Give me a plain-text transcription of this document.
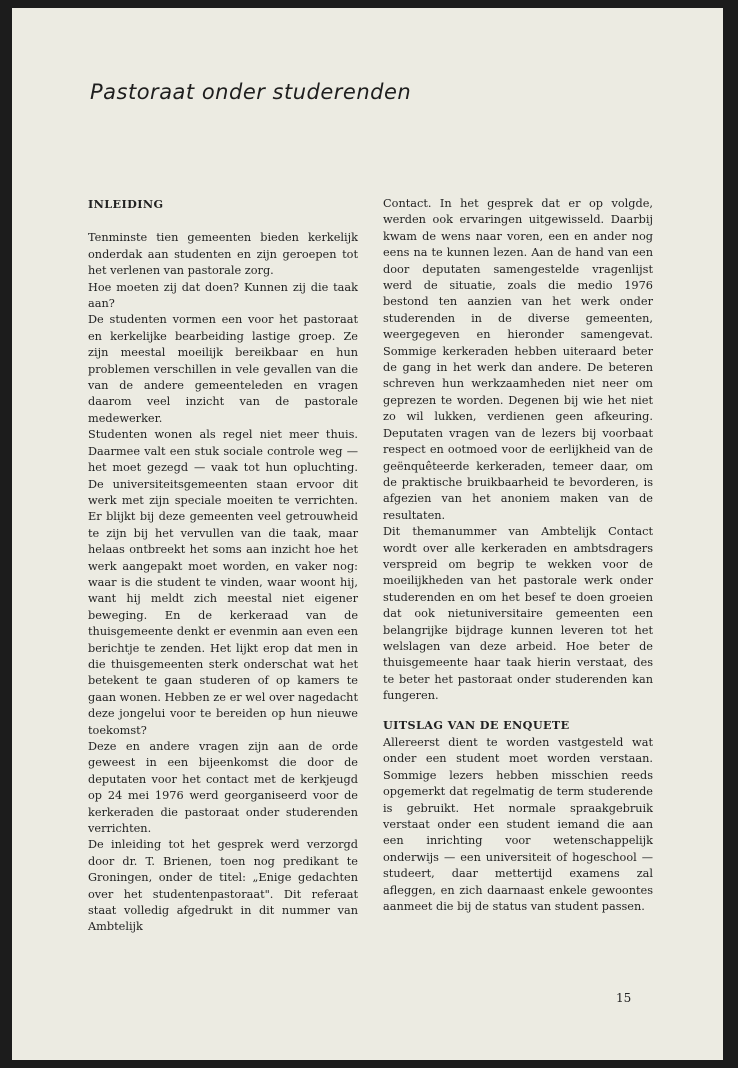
Pastoraat onder studerenden
INLEIDING

Tenminste tien gemeenten bieden kerkelijk onderdak aan studenten en zijn geroepen tot het verlenen van pastorale zorg.

Hoe moeten zij dat doen? Kunnen zij die taak aan?

De studenten vormen een voor het pastoraat en kerkelijke bearbeiding lastige groep. Ze zijn meestal moeilijk bereikbaar en hun problemen verschillen in vele gevallen van die van de andere gemeenteleden en vragen daarom veel inzicht van de pastorale medewerker.

Studenten wonen als regel niet meer thuis. Daarmee valt een stuk sociale controle weg — het moet gezegd — vaak tot hun opluchting. De universiteitsgemeenten staan ervoor dit werk met zijn speciale moeiten te verrichten. Er blijkt bij deze gemeenten veel getrouwheid te zijn bij het vervullen van die taak, maar helaas ontbreekt het soms aan inzicht hoe het werk aangepakt moet worden, en vaker nog: waar is die student te vinden, waar woont hij, want hij meldt zich meestal niet eigener beweging. En de kerkeraad van de thuisgemeente denkt er evenmin aan even een berichtje te zenden. Het lijkt erop dat men in die thuisgemeenten sterk onderschat wat het betekent te gaan studeren of op kamers te gaan wonen. Hebben ze er wel over nagedacht deze jongelui voor te bereiden op hun nieuwe toekomst?

Deze en andere vragen zijn aan de orde geweest in een bijeenkomst die door de deputaten voor het contact met de kerkjeugd op 24 mei 1976 werd georganiseerd voor de kerkeraden die pastoraat onder studerenden verrichten.

De inleiding tot het gesprek werd verzorgd door dr. T. Brienen, toen nog predikant te Groningen, onder de titel: „Enige gedachten over het studentenpastoraat". Dit referaat staat volledig afgedrukt in dit nummer van Ambtelijk

Contact. In het gesprek dat er op volgde, werden ook ervaringen uitgewisseld. Daarbij kwam de wens naar voren, een en ander nog eens na te kunnen lezen. Aan de hand van een door deputaten samengestelde vragenlijst werd de situatie, zoals die medio 1976 bestond ten aanzien van het werk onder studerenden in de diverse gemeenten, weergegeven en hieronder samengevat. Sommige kerkeraden hebben uiteraard beter de gang in het werk dan andere. De beteren schreven hun werkzaamheden niet neer om geprezen te worden. Degenen bij wie het niet zo wil lukken, verdienen geen afkeuring. Deputaten vragen van de lezers bij voorbaat respect en ootmoed voor de eerlijkheid van de geënquêteerde kerkeraden, temeer daar, om de praktische bruikbaarheid te bevorderen, is afgezien van het anoniem maken van de resultaten.

Dit themanummer van Ambtelijk Contact wordt over alle kerkeraden en ambtsdragers verspreid om begrip te wekken voor de moeilijkheden van het pastorale werk onder studerenden en om het besef te doen groeien dat ook nietuniversitaire gemeenten een belangrijke bijdrage kunnen leveren tot het welslagen van deze arbeid. Hoe beter de thuisgemeente haar taak hierin verstaat, des te beter het pastoraat onder studerenden kan fungeren.

UITSLAG VAN DE ENQUETE

Allereerst dient te worden vastgesteld wat onder een student moet worden verstaan. Sommige lezers hebben misschien reeds opgemerkt dat regelmatig de term studerende is gebruikt. Het normale spraakgebruik verstaat onder een student iemand die aan een inrichting voor wetenschappelijk onderwijs — een universiteit of hogeschool — studeert, daar mettertijd examens zal afleggen, en zich daarnaast enkele gewoontes aanmeet die bij de status van student passen.

15
